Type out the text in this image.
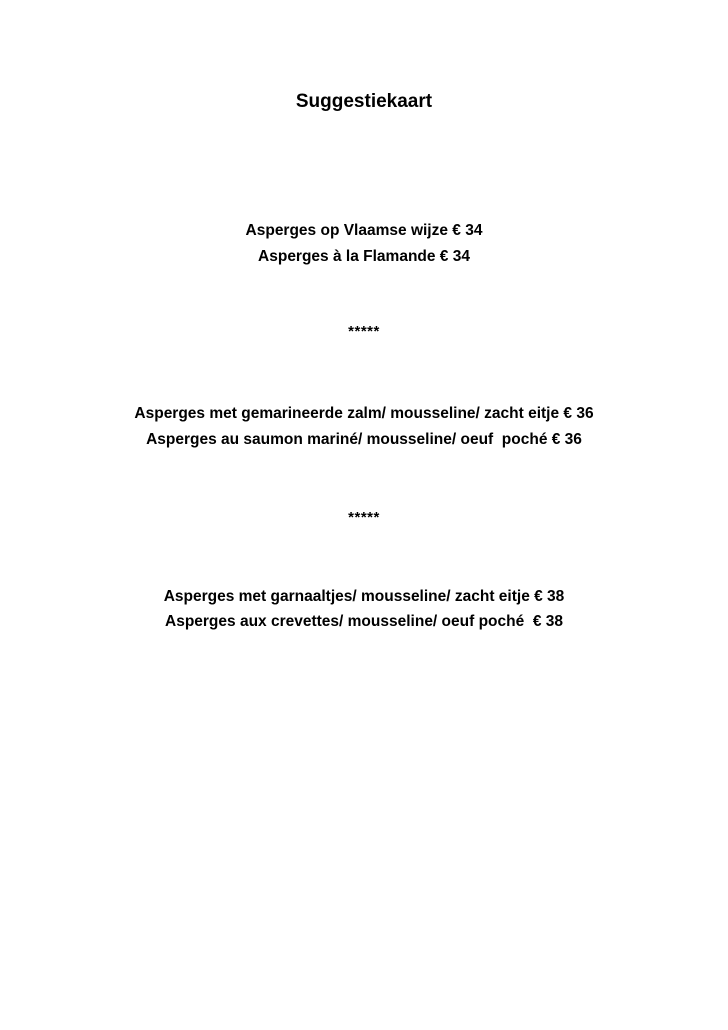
Suggestiekaart
Asperges op Vlaamse wijze € 34
Asperges à la Flamande € 34
*****
Asperges met gemarineerde zalm/ mousseline/ zacht eitje € 36
Asperges au saumon mariné/ mousseline/ oeuf  poché € 36
*****
Asperges met garnaaltjes/ mousseline/ zacht eitje € 38
Asperges aux crevettes/ mousseline/ oeuf poché  € 38
